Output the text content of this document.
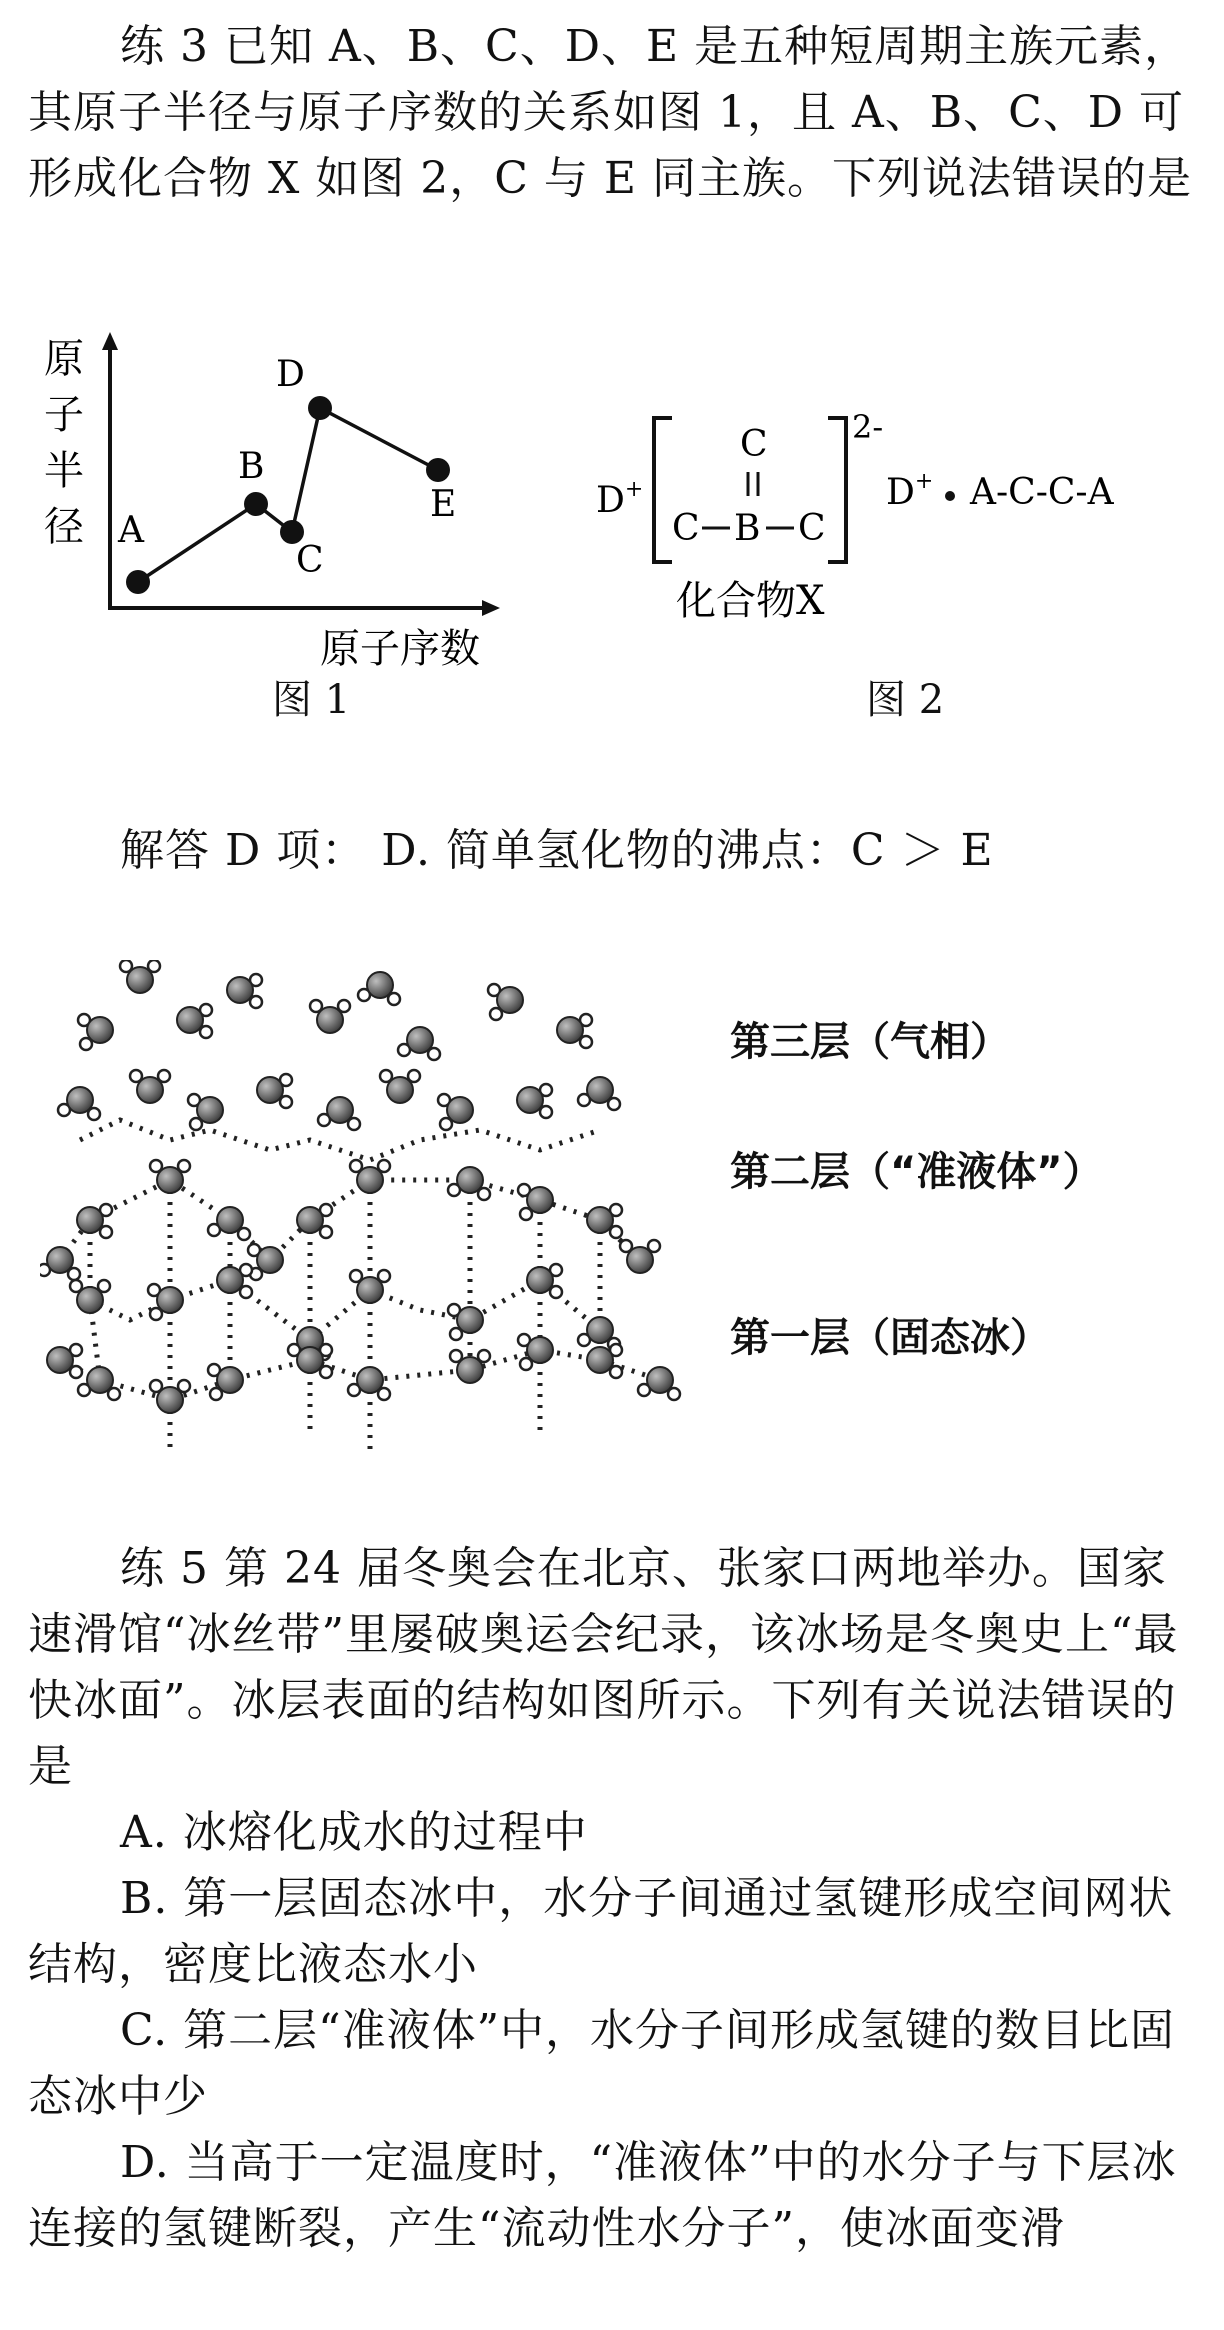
练 3 已知 A、B、C、D、E 是五种短周期主族元素，其原子半径与原子序数的关系如图 1，且 A、B、C、D 可形成化合物 X 如图 2，C 与 E 同主族。下列说法错误的是
原
子
半
径 A
B
C
D
E
原子序数
图 1
D+
C
C B C
2-
D+ A-C-C-A
化合物X
图 2
解答 D 项： D. 简单氢化物的沸点：C ＞ E
第三层（气相）
第二层（“准液体”）
第一层（固态冰）
练 5 第 24 届冬奥会在北京、张家口两地举办。国家速滑馆“冰丝带”里屡破奥运会纪录，该冰场是冬奥史上“最快冰面”。冰层表面的结构如图所示。下列有关说法错误的是
A. 冰熔化成水的过程中
B. 第一层固态冰中，水分子间通过氢键形成空间网状结构，密度比液态水小
C. 第二层“准液体”中，水分子间形成氢键的数目比固态冰中少
D. 当高于一定温度时，“准液体”中的水分子与下层冰连接的氢键断裂，产生“流动性水分子”，使冰面变滑
